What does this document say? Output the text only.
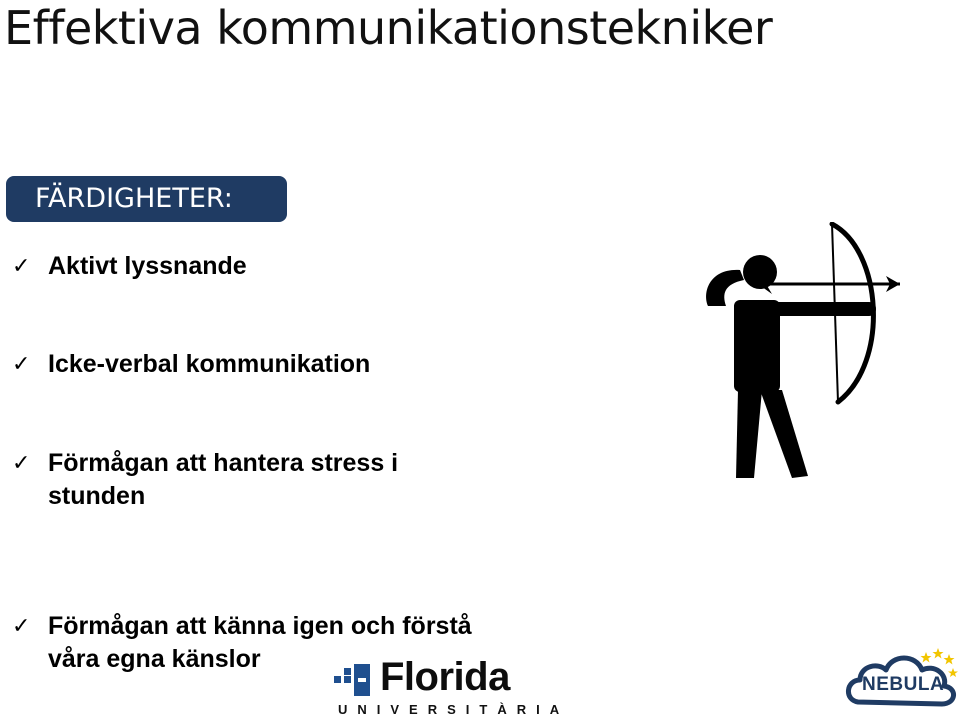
Effektiva kommunikationstekniker
FÄRDIGHETER:
✓ Aktivt lyssnande
✓ Icke-verbal kommunikation
✓ Förmågan att hantera stress i
stunden
✓ Förmågan att känna igen och förstå
våra egna känslor	Florida
UNIVERSITÀRIA
NEBULA
